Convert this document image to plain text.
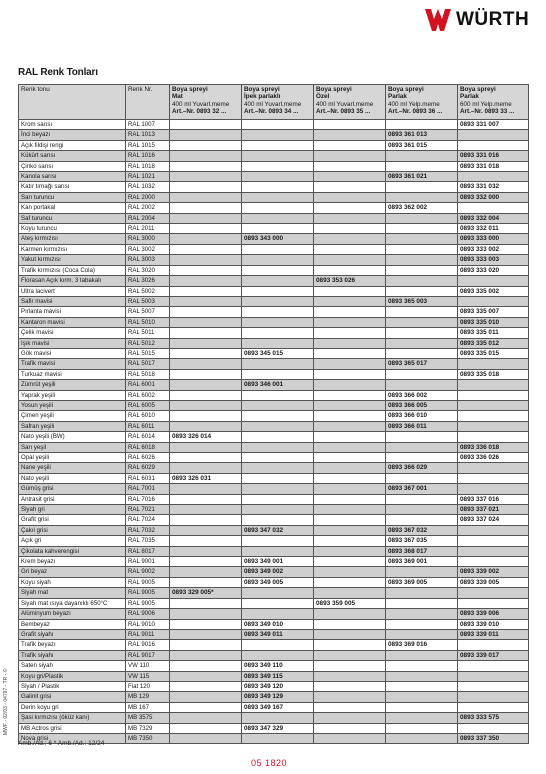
WÜRTH
RAL Renk Tonları
Renk tonu	Renk Nr.	Boya spreyi
Mat
400 ml Yuvarl.meme
Art.–Nr. 0893 32 ...	Boya spreyi
İpek parlaklı
400 ml Yuvarl.meme
Art.–Nr. 0893 34 ...	Boya spreyi
Özel
400 ml Yuvarl.meme
Art.–Nr. 0893 35 ...	Boya spreyi
Parlak
400 ml Yelp.meme
Art.–Nr. 0893 36 ...	Boya spreyi
Parlak
600 ml Yelp.meme
Art.–Nr. 0893 33 ...

Krom sarısı	RAL 1007					0893 331 007
İnci beyazı	RAL 1013				0893 361 013	
Açık fildişi rengi	RAL 1015				0893 361 015	
Kükürt sarısı	RAL 1016					0893 331 016
Çinko sarısı	RAL 1018					0893 331 018
Kanola sarısı	RAL 1021				0893 361 021	
Katır tırnağı sarısı	RAL 1032					0893 331 032
Sarı turuncu	RAL 2000					0893 332 000
Kan portakal	RAL 2002				0893 362 002	
Saf turuncu	RAL 2004					0893 332 004
Koyu turuncu	RAL 2011					0893 332 011
Ateş kırmızısı	RAL 3000		0893 343 000			0893 333 000
Karmen kırmızısı	RAL 3002					0893 333 002
Yakut kırmızısı	RAL 3003					0893 333 003
Trafik kırmızısı (Coca Cola)	RAL 3020					0893 333 020
Florasan Açık kırm. 3 tabakalı	RAL 3026			0893 353 026		
Ultra lacivert	RAL 5002					0893 335 002
Safir mavisi	RAL 5003				0893 365 003	
Pırlanta mavisi	RAL 5007					0893 335 007
Kantaron mavisi	RAL 5010					0893 335 010
Çelik mavisi	RAL 5011					0893 335 011
Işık mavisi	RAL 5012					0893 335 012
Gök mavisi	RAL 5015		0893 345 015			0893 335 015
Trafik mavisi	RAL 5017				0893 365 017	
Turkuaz mavisi	RAL 5018					0893 335 018
Zümrüt yeşili	RAL 6001		0893 346 001			
Yaprak yeşili	RAL 6002				0893 366 002	
Yosun yeşili	RAL 6005				0893 366 005	
Çimen yeşili	RAL 6010				0893 366 010	
Safran yeşili	RAL 6011				0893 366 011	
Nato yeşili (BW)	RAL 6014	0893 326 014				
Sarı yeşil	RAL 6018					0893 336 018
Opal yeşili	RAL 6026					0893 336 026
Nane yeşili	RAL 6029				0893 366 029	
Nato yeşili	RAL 6031	0893 326 031				
Gümüş grisi	RAL 7001				0893 367 001	
Antrasit grisi	RAL 7016					0893 337 016
Siyah gri	RAL 7021					0893 337 021
Grafit grisi	RAL 7024					0893 337 024
Çakıl grisi	RAL 7032		0893 347 032		0893 367 032	
Açık gri	RAL 7035				0893 367 035	
Çikolata kahverengisi	RAL 8017				0893 368 017	
Krem beyazı	RAL 9001		0893 349 001		0893 369 001	
Gri beyaz	RAL 9002		0893 349 002			0893 339 002
Koyu siyah	RAL 9005		0893 349 005		0893 369 005	0893 339 005
Siyah mat	RAL 9005	0893 329 005*				
Siyah mat ısıya dayanıklı 650°C	RAL 9005			0893 359 005		
Alüminyum beyazı	RAL 9006					0893 339 006
Bembeyaz	RAL 9010		0893 349 010			0893 339 010
Grafit siyahı	RAL 9011		0893 349 011			0893 339 011
Trafik beyazı	RAL 9016				0893 369 016	
Trafik siyahı	RAL 9017					0893 339 017
Saten siyah	VW 110		0893 349 110			
Koyu gri/Plastik	VW 115		0893 349 115			
Siyah / Plastik	Fiat 120		0893 349 120			
Galinit grisi	MB 129		0893 349 129			
Derin koyu gri	MB 167		0893 349 167			
Şasi kırmızısı (öküz kanı)	MB 3575					0893 333 575
MB Actros grisi	MB 7329		0893 347 329			
Nova grisi	MB 7350					0893 337 350
Amb./Ad.: 6 * Amb./Ad.: 12/24
05 1820
MWF - 02/03 - 04797 - TR - ©
